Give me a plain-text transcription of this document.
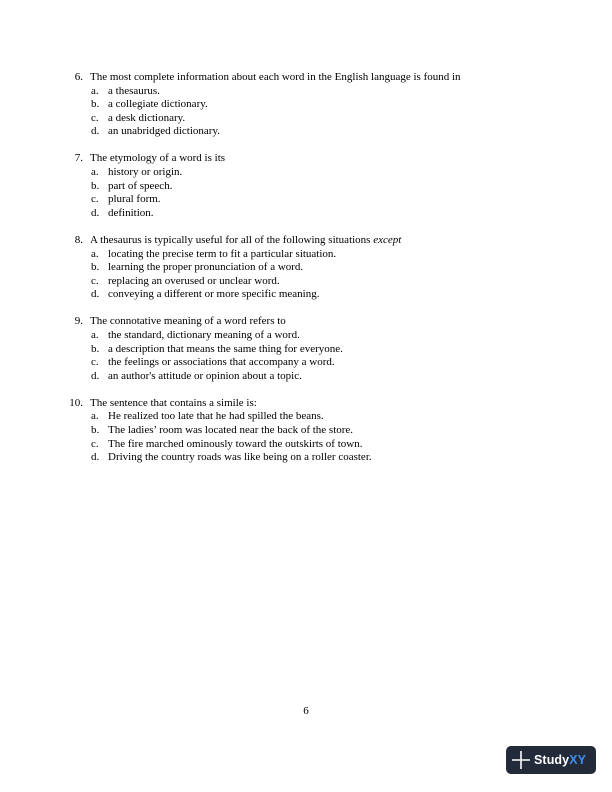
6. The most complete information about each word in the English language is found in
a. a thesaurus.
b. a collegiate dictionary.
c. a desk dictionary.
d. an unabridged dictionary.
7. The etymology of a word is its
a. history or origin.
b. part of speech.
c. plural form.
d. definition.
8. A thesaurus is typically useful for all of the following situations except
a. locating the precise term to fit a particular situation.
b. learning the proper pronunciation of a word.
c. replacing an overused or unclear word.
d. conveying a different or more specific meaning.
9. The connotative meaning of a word refers to
a. the standard, dictionary meaning of a word.
b. a description that means the same thing for everyone.
c. the feelings or associations that accompany a word.
d. an author's attitude or opinion about a topic.
10. The sentence that contains a simile is:
a. He realized too late that he had spilled the beans.
b. The ladies’ room was located near the back of the store.
c. The fire marched ominously toward the outskirts of town.
d. Driving the country roads was like being on a roller coaster.
6
StudyXY
